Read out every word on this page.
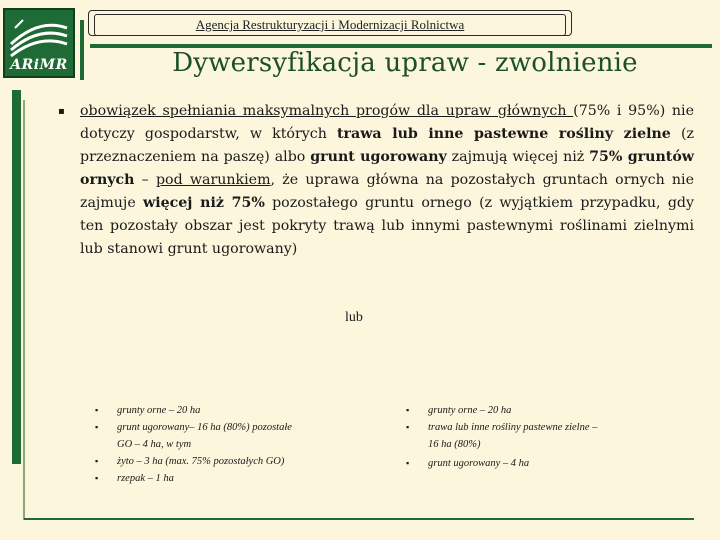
ARiMR
Agencja Restrukturyzacji i Modernizacji Rolnictwa
Dywersyfikacja upraw - zwolnienie
▪ obowiązek spełniania maksymalnych progów dla upraw głównych (75% i 95%) nie dotyczy gospodarstw, w których trawa lub inne pastewne rośliny zielne (z przeznaczeniem na paszę) albo grunt ugorowany zajmują więcej niż 75% gruntów ornych – pod warunkiem, że uprawa główna na pozostałych gruntach ornych nie zajmuje więcej niż 75% pozostałego gruntu ornego (z wyjątkiem przypadku, gdy ten pozostały obszar jest pokryty trawą lub innymi pastewnymi roślinami zielnymi lub stanowi grunt ugorowany)
lub
▪ grunty orne – 20 ha
▪ grunt ugorowany– 16 ha (80%) pozostałe GO – 4 ha, w tym
▪ żyto – 3 ha (max. 75% pozostałych GO)
▪ rzepak – 1 ha
▪ grunty orne – 20 ha
▪ trawa lub inne rośliny pastewne zielne – 16 ha (80%)
▪ grunt ugorowany – 4 ha
